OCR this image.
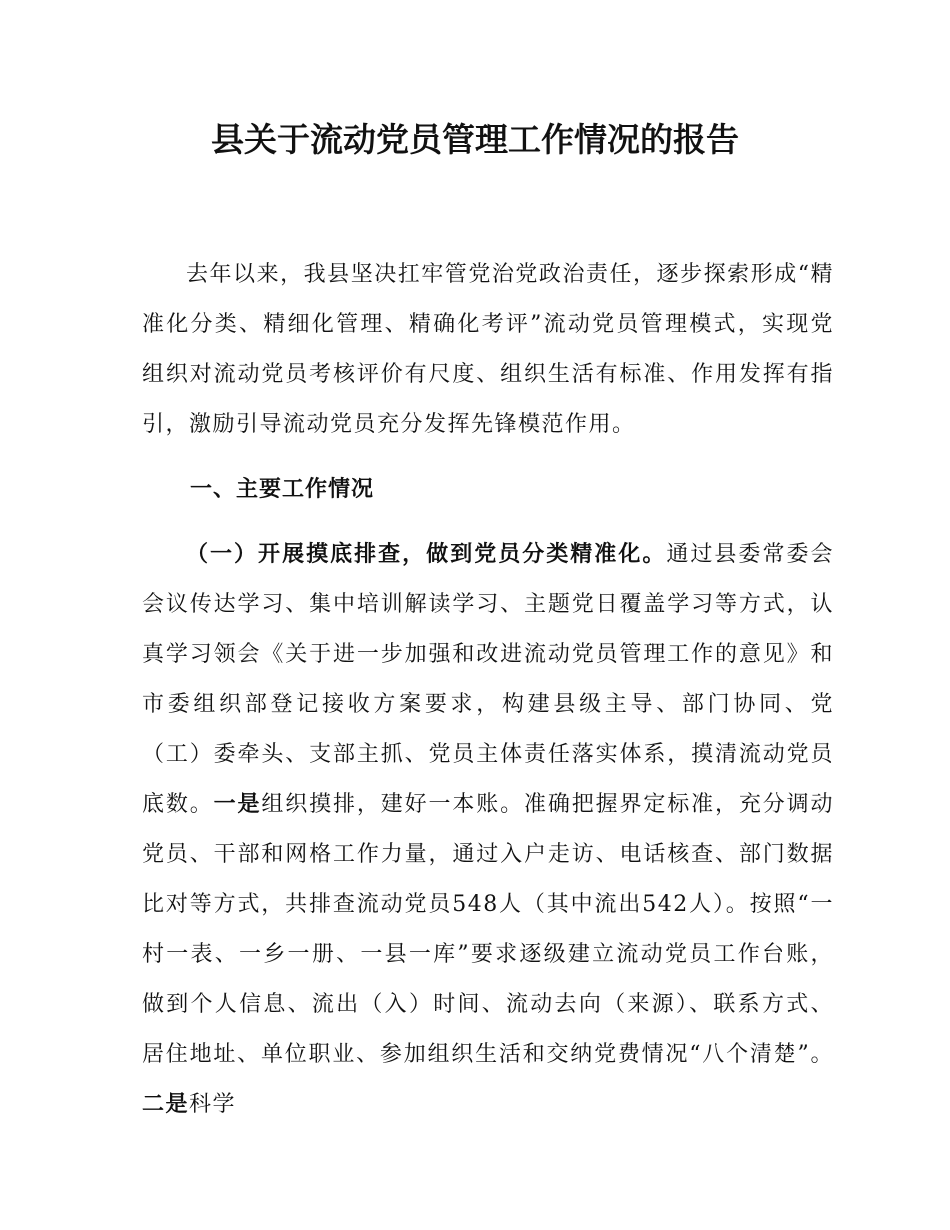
县关于流动党员管理工作情况的报告

去年以来，我县坚决扛牢管党治党政治责任，逐步探索形成“精准化分类、精细化管理、精确化考评”流动党员管理模式，实现党组织对流动党员考核评价有尺度、组织生活有标准、作用发挥有指引，激励引导流动党员充分发挥先锋模范作用。

一、主要工作情况

（一）开展摸底排查，做到党员分类精准化。通过县委常委会会议传达学习、集中培训解读学习、主题党日覆盖学习等方式，认真学习领会《关于进一步加强和改进流动党员管理工作的意见》和市委组织部登记接收方案要求，构建县级主导、部门协同、党（工）委牵头、支部主抓、党员主体责任落实体系，摸清流动党员底数。一是组织摸排，建好一本账。准确把握界定标准，充分调动党员、干部和网格工作力量，通过入户走访、电话核查、部门数据比对等方式，共排查流动党员548人（其中流出542人）。按照“一村一表、一乡一册、一县一库”要求逐级建立流动党员工作台账，做到个人信息、流出（入）时间、流动去向（来源）、联系方式、居住地址、单位职业、参加组织生活和交纳党费情况“八个清楚”。二是科学
